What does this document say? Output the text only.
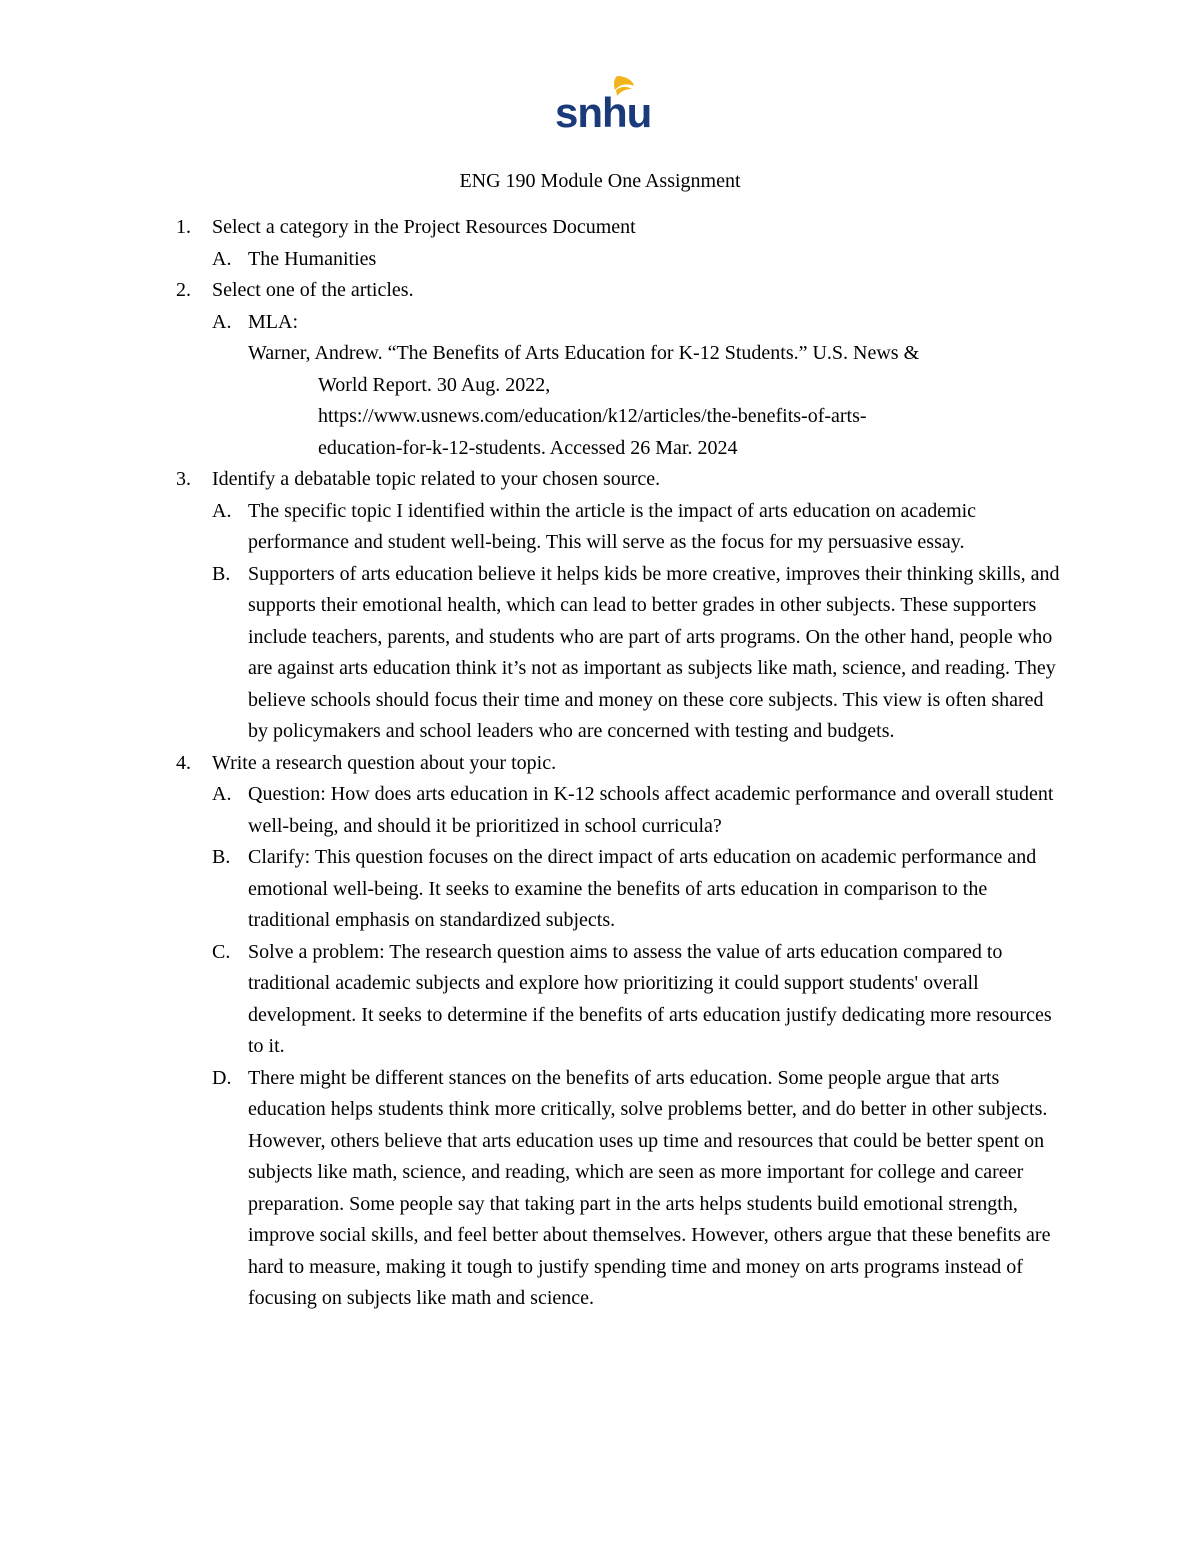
snhu
ENG 190 Module One Assignment
1. Select a category in the Project Resources Document
A. The Humanities
2. Select one of the articles.
A. MLA:
Warner, Andrew. “The Benefits of Arts Education for K-12 Students.” U.S. News &
World Report. 30 Aug. 2022,
https://www.usnews.com/education/k12/articles/the-benefits-of-arts-
education-for-k-12-students. Accessed 26 Mar. 2024
3. Identify a debatable topic related to your chosen source.
A. The specific topic I identified within the article is the impact of arts education on academic performance and student well-being. This will serve as the focus for my persuasive essay.
B. Supporters of arts education believe it helps kids be more creative, improves their thinking skills, and supports their emotional health, which can lead to better grades in other subjects. These supporters include teachers, parents, and students who are part of arts programs. On the other hand, people who are against arts education think it’s not as important as subjects like math, science, and reading. They believe schools should focus their time and money on these core subjects. This view is often shared by policymakers and school leaders who are concerned with testing and budgets.
4. Write a research question about your topic.
A. Question: How does arts education in K-12 schools affect academic performance and overall student well-being, and should it be prioritized in school curricula?
B. Clarify: This question focuses on the direct impact of arts education on academic performance and emotional well-being. It seeks to examine the benefits of arts education in comparison to the traditional emphasis on standardized subjects.
C. Solve a problem: The research question aims to assess the value of arts education compared to traditional academic subjects and explore how prioritizing it could support students' overall development. It seeks to determine if the benefits of arts education justify dedicating more resources to it.
D. There might be different stances on the benefits of arts education. Some people argue that arts education helps students think more critically, solve problems better, and do better in other subjects. However, others believe that arts education uses up time and resources that could be better spent on subjects like math, science, and reading, which are seen as more important for college and career preparation. Some people say that taking part in the arts helps students build emotional strength, improve social skills, and feel better about themselves. However, others argue that these benefits are hard to measure, making it tough to justify spending time and money on arts programs instead of focusing on subjects like math and science.
